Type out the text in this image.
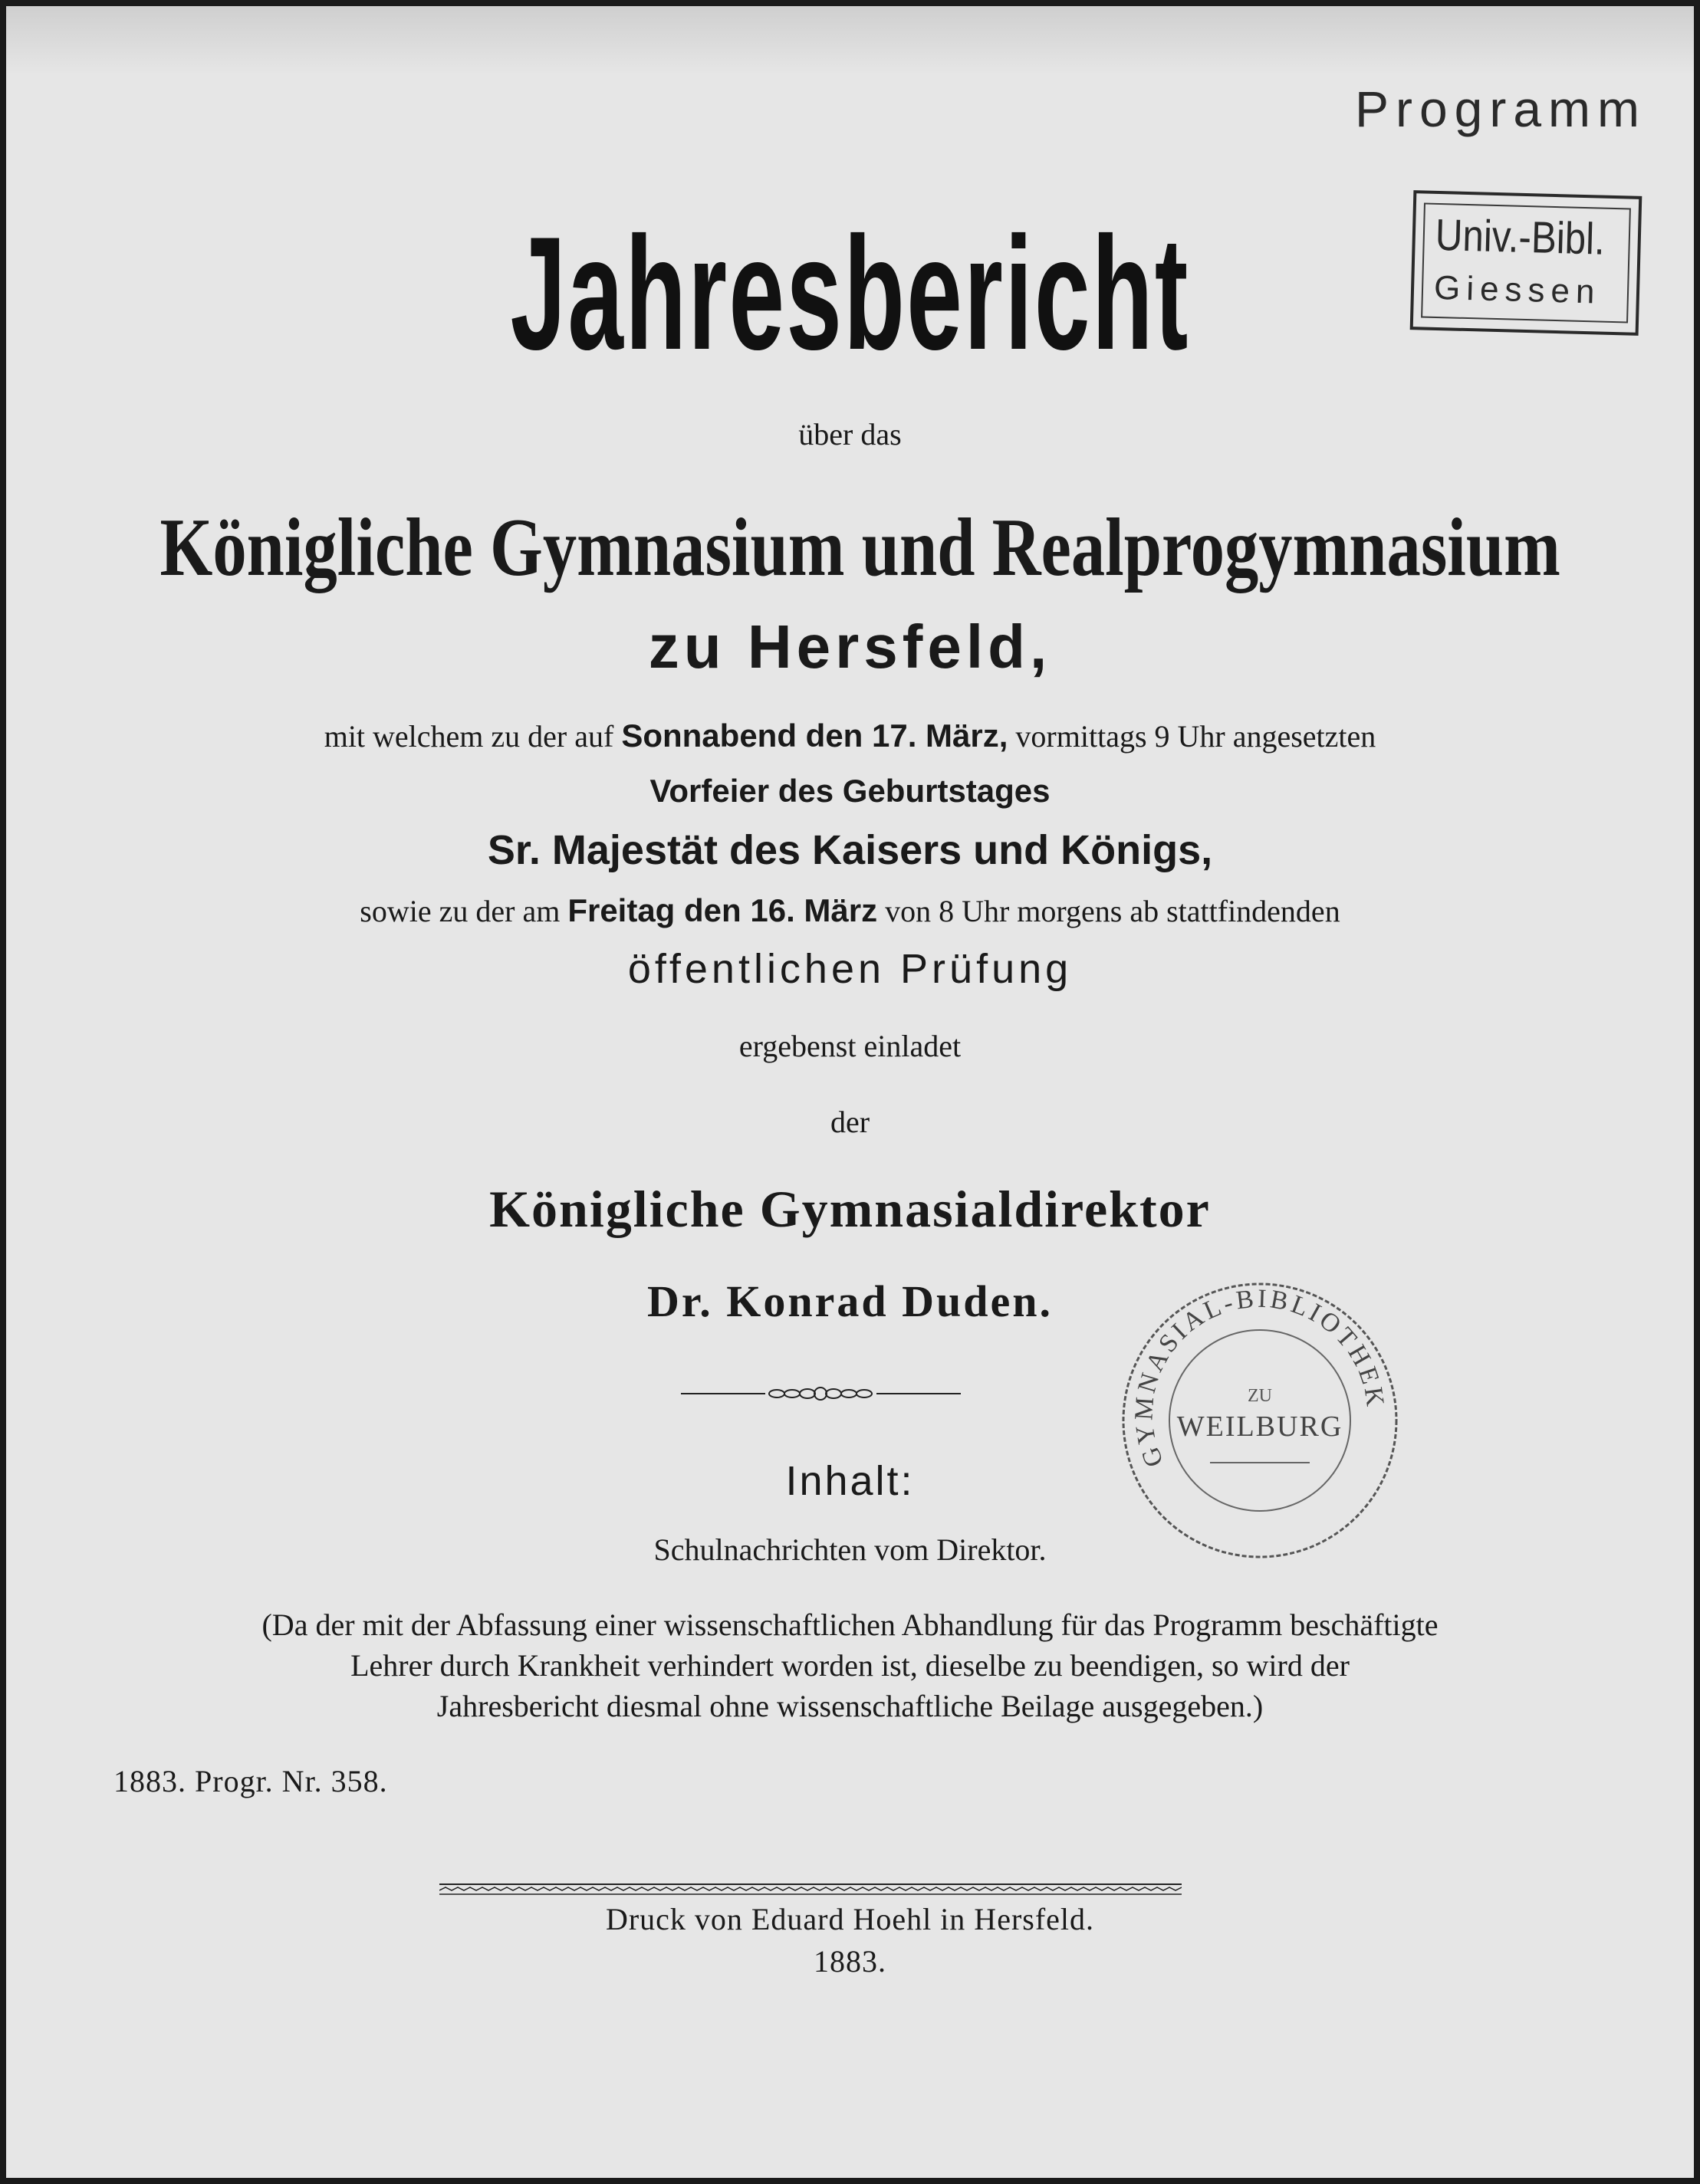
Programm
Univ.-Bibl.
Giessen
Jahresbericht
über das
Königliche Gymnasium und Realprogymnasium
zu Hersfeld,
mit welchem zu der auf Sonnabend den 17. März, vormittags 9 Uhr angesetzten
Vorfeier des Geburtstages
Sr. Majestät des Kaisers und Königs,
sowie zu der am Freitag den 16. März von 8 Uhr morgens ab stattfindenden
öffentlichen Prüfung
ergebenst einladet
der
Königliche Gymnasialdirektor
Dr. Konrad Duden.
GYMNASIAL-BIBLIOTHEK
ZU
WEILBURG
Inhalt:
Schulnachrichten vom Direktor.
(Da der mit der Abfassung einer wissenschaftlichen Abhandlung für das Programm beschäftigte
Lehrer durch Krankheit verhindert worden ist, dieselbe zu beendigen, so wird der
Jahresbericht diesmal ohne wissenschaftliche Beilage ausgegeben.)
1883. Progr. Nr. 358.
Druck von Eduard Hoehl in Hersfeld.
1883.
